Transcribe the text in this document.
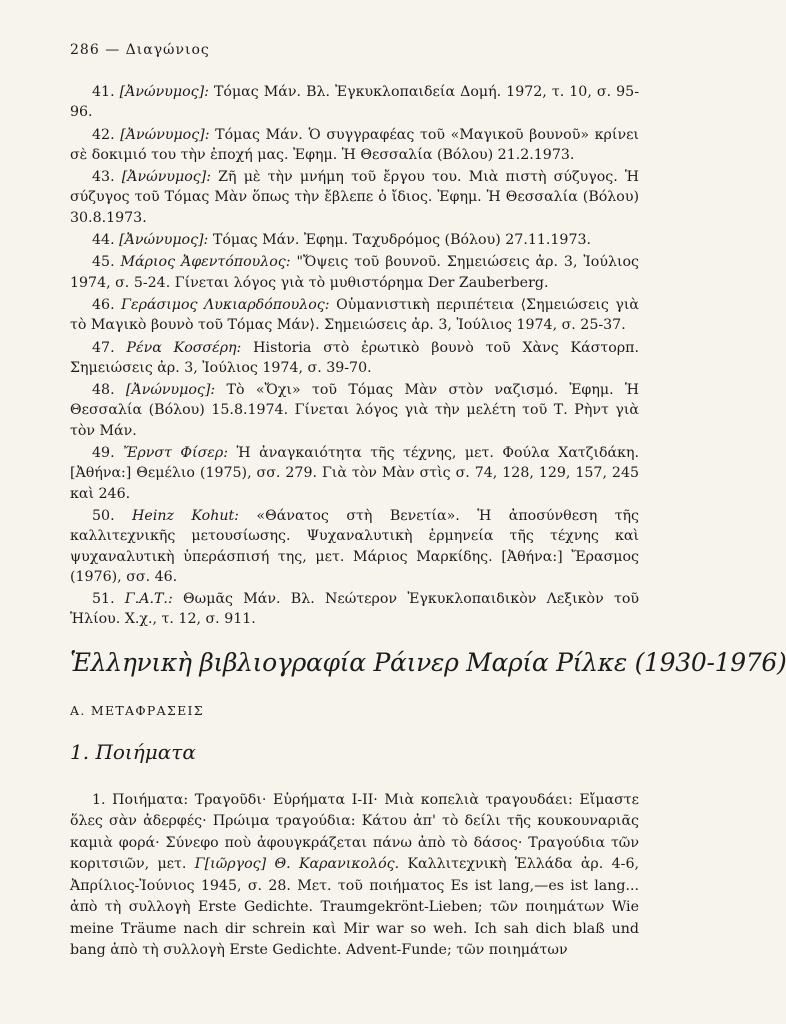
286 — Διαγώνιος

41. [Ἀνώνυμος]: Τόμας Μάν. Βλ. Ἐγκυκλοπαιδεία Δομή. 1972, τ. 10, σ. 95-96.

42. [Ἀνώνυμος]: Τόμας Μάν. Ὁ συγγραφέας τοῦ «Μαγικοῦ βουνοῦ» κρίνει σὲ δοκιμιό του τὴν ἐποχή μας. Ἐφημ. Ἡ Θεσσαλία (Βόλου) 21.2.1973.

43. [Ἀνώνυμος]: Ζῆ μὲ τὴν μνήμη τοῦ ἔργου του. Μιὰ πιστὴ σύζυγος. Ἡ σύζυγος τοῦ Τόμας Μὰν ὅπως τὴν ἔβλεπε ὁ ἴδιος. Ἐφημ. Ἡ Θεσσαλία (Βόλου) 30.8.1973.

44. [Ἀνώνυμος]: Τόμας Μάν. Ἐφημ. Ταχυδρόμος (Βόλου) 27.11.1973.

45. Μάριος Ἀφεντόπουλος: "Ὄψεις τοῦ βουνοῦ. Σημειώσεις ἀρ. 3, Ἰούλιος 1974, σ. 5-24. Γίνεται λόγος γιὰ τὸ μυθιστόρημα Der Zauberberg.

46. Γεράσιμος Λυκιαρδόπουλος: Οὑμανιστικὴ περιπέτεια ⟨Σημειώσεις γιὰ τὸ Μαγικὸ βουνὸ τοῦ Τόμας Μάν⟩. Σημειώσεις ἀρ. 3, Ἰούλιος 1974, σ. 25-37.

47. Ρένα Κοσσέρη: Historia στὸ ἐρωτικὸ βουνὸ τοῦ Χὰνς Κάστορπ. Σημειώσεις ἀρ. 3, Ἰούλιος 1974, σ. 39-70.

48. [Ἀνώνυμος]: Τὸ «Ὄχι» τοῦ Τόμας Μὰν στὸν ναζισμό. Ἐφημ. Ἡ Θεσσαλία (Βόλου) 15.8.1974. Γίνεται λόγος γιὰ τὴν μελέτη τοῦ Τ. Ρὴντ γιὰ τὸν Μάν.

49. Ἔρνστ Φίσερ: Ἡ ἀναγκαιότητα τῆς τέχνης, μετ. Φούλα Χατζιδάκη. [Ἀθήνα:] Θεμέλιο (1975), σσ. 279. Γιὰ τὸν Μὰν στὶς σ. 74, 128, 129, 157, 245 καὶ 246.

50. Heinz Kohut: «Θάνατος στὴ Βενετία». Ἡ ἀποσύνθεση τῆς καλλιτεχνικῆς μετουσίωσης. Ψυχαναλυτικὴ ἑρμηνεία τῆς τέχνης καὶ ψυχαναλυτικὴ ὑπεράσπισή της, μετ. Μάριος Μαρκίδης. [Ἀθήνα:] Ἔρασμος (1976), σσ. 46.

51. Γ.Α.Τ.: Θωμᾶς Μάν. Βλ. Νεώτερον Ἐγκυκλοπαιδικὸν Λεξικὸν τοῦ Ἡλίου. Χ.χ., τ. 12, σ. 911.

Ἑλληνικὴ βιβλιογραφία Ράινερ Μαρία Ρίλκε (1930-1976)
Α. ΜΕΤΑΦΡΑΣΕΙΣ
1. Ποιήματα

1. Ποιήματα: Τραγοῦδι· Εὑρήματα Ι-ΙΙ· Μιὰ κοπελιὰ τραγουδάει: Εἴμαστε ὅλες σὰν ἀδερφές· Πρώιμα τραγούδια: Κάτου ἀπ' τὸ δείλι τῆς κουκουναριᾶς καμιὰ φορά· Σύνεφο ποὺ ἀφουγκράζεται πάνω ἀπὸ τὸ δάσος· Τραγούδια τῶν κοριτσιῶν, μετ. Γ[ιῶργος] Θ. Καρανικολός. Καλλιτεχνικὴ Ἑλλάδα ἀρ. 4-6, Ἀπρίλιος-Ἰούνιος 1945, σ. 28. Μετ. τοῦ ποιήματος Es ist lang,—es ist lang... ἀπὸ τὴ συλλογὴ Erste Gedichte. Traumgekrönt-Lieben; τῶν ποιημάτων Wie meine Träume nach dir schrein καὶ Mir war so weh. Ich sah dich blaß und bang ἀπὸ τὴ συλλογὴ Erste Gedichte. Advent-Funde; τῶν ποιημάτων
